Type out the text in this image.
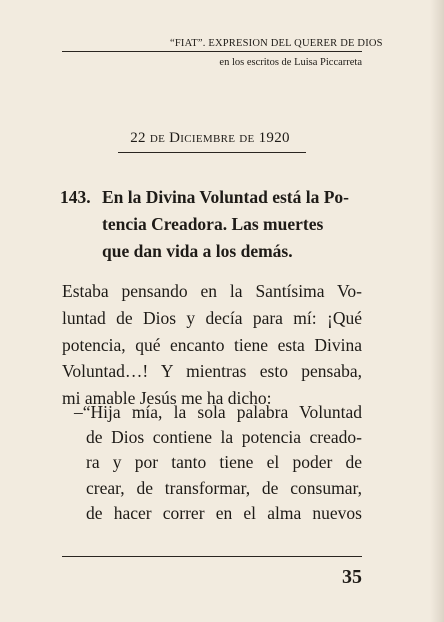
“FIAT”. EXPRESION DEL QUERER DE DIOS
en los escritos de Luisa Piccarreta
22 de Diciembre de 1920
143. En la Divina Voluntad está la Po-
tencia Creadora. Las muertes
que dan vida a los demás.
Estaba pensando en la Santísima Vo-
luntad de Dios y decía para mí: ¡Qué
potencia, qué encanto tiene esta Divina
Voluntad…! Y mientras esto pensaba,
mi amable Jesús me ha dicho:
–“Hija mía, la sola palabra Voluntad
de Dios contiene la potencia creado-
ra y por tanto tiene el poder de
crear, de transformar, de consumar,
de hacer correr en el alma nuevos
35
